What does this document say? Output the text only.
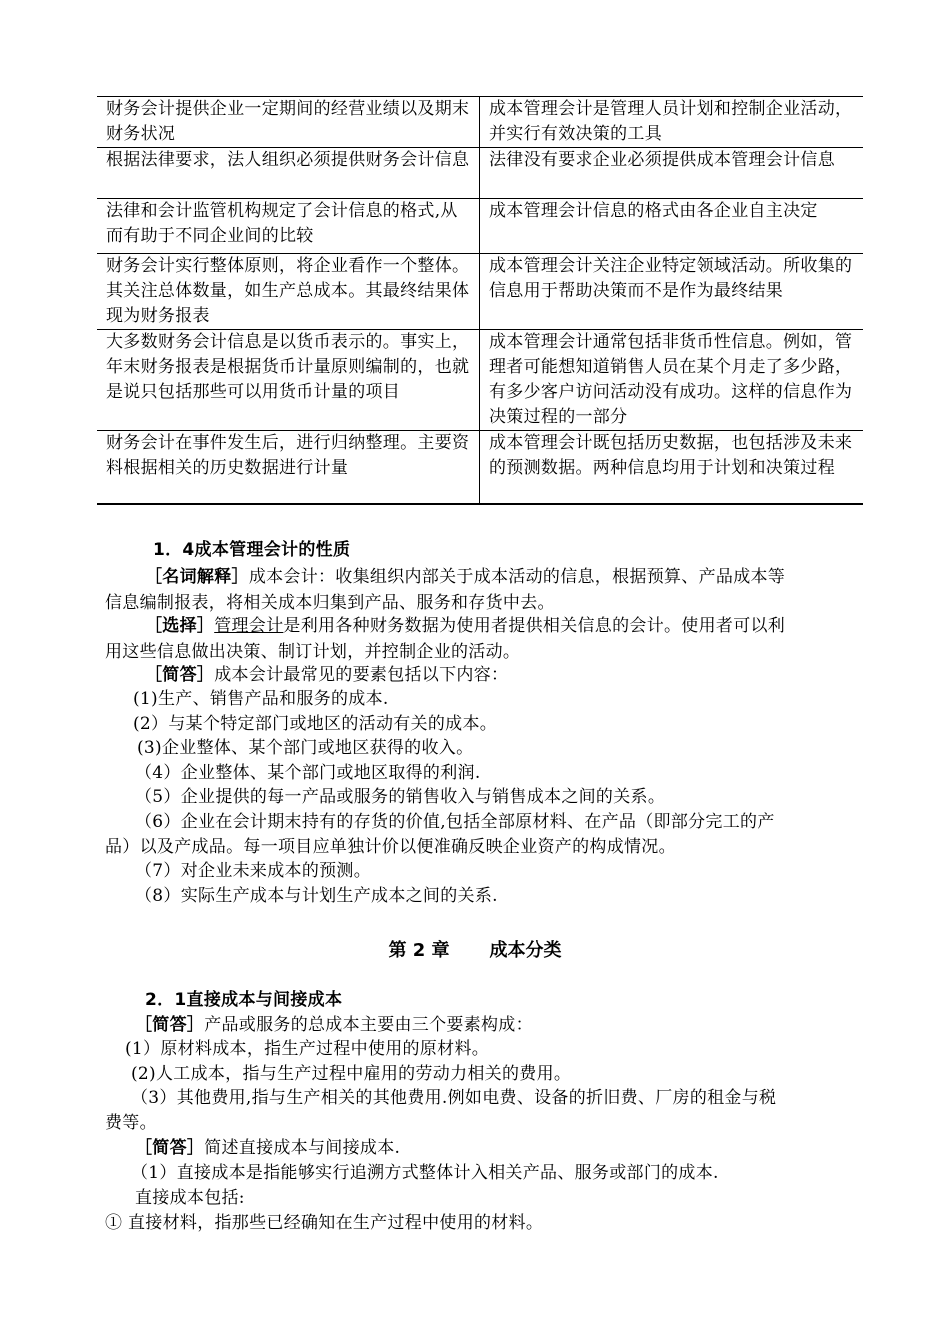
财务会计提供企业一定期间的经营业绩以及期末财务状况	成本管理会计是管理人员计划和控制企业活动，并实行有效决策的工具
根据法律要求，法人组织必须提供财务会计信息	法律没有要求企业必须提供成本管理会计信息
法律和会计监管机构规定了会计信息的格式,从而有助于不同企业间的比较	成本管理会计信息的格式由各企业自主决定
财务会计实行整体原则，将企业看作一个整体。其关注总体数量，如生产总成本。其最终结果体现为财务报表	成本管理会计关注企业特定领域活动。所收集的信息用于帮助决策而不是作为最终结果
大多数财务会计信息是以货币表示的。事实上，年末财务报表是根据货币计量原则编制的，也就是说只包括那些可以用货币计量的项目	成本管理会计通常包括非货币性信息。例如，管理者可能想知道销售人员在某个月走了多少路，有多少客户访问活动没有成功。这样的信息作为决策过程的一部分
财务会计在事件发生后，进行归纳整理。主要资料根据相关的历史数据进行计量	成本管理会计既包括历史数据，也包括涉及未来的预测数据。两种信息均用于计划和决策过程
1．4成本管理会计的性质
［名词解释］成本会计：收集组织内部关于成本活动的信息，根据预算、产品成本等
信息编制报表，将相关成本归集到产品、服务和存货中去。
［选择］管理会计是利用各种财务数据为使用者提供相关信息的会计。使用者可以利
用这些信息做出决策、制订计划，并控制企业的活动。
［简答］成本会计最常见的要素包括以下内容：
(1)生产、销售产品和服务的成本.
(2）与某个特定部门或地区的活动有关的成本。
(3)企业整体、某个部门或地区获得的收入。
（4）企业整体、某个部门或地区取得的利润.
（5）企业提供的每一产品或服务的销售收入与销售成本之间的关系。
（6）企业在会计期末持有的存货的价值,包括全部原材料、在产品（即部分完工的产
品）以及产成品。每一项目应单独计价以便准确反映企业资产的构成情况。
（7）对企业未来成本的预测。
（8）实际生产成本与计划生产成本之间的关系.
第 2 章 成本分类
2．1直接成本与间接成本
［简答］产品或服务的总成本主要由三个要素构成：
(1）原材料成本，指生产过程中使用的原材料。
(2)人工成本，指与生产过程中雇用的劳动力相关的费用。
（3）其他费用,指与生产相关的其他费用.例如电费、设备的折旧费、厂房的租金与税
费等。
［简答］简述直接成本与间接成本.
（1）直接成本是指能够实行追溯方式整体计入相关产品、服务或部门的成本.
直接成本包括:
① 直接材料，指那些已经确知在生产过程中使用的材料。
